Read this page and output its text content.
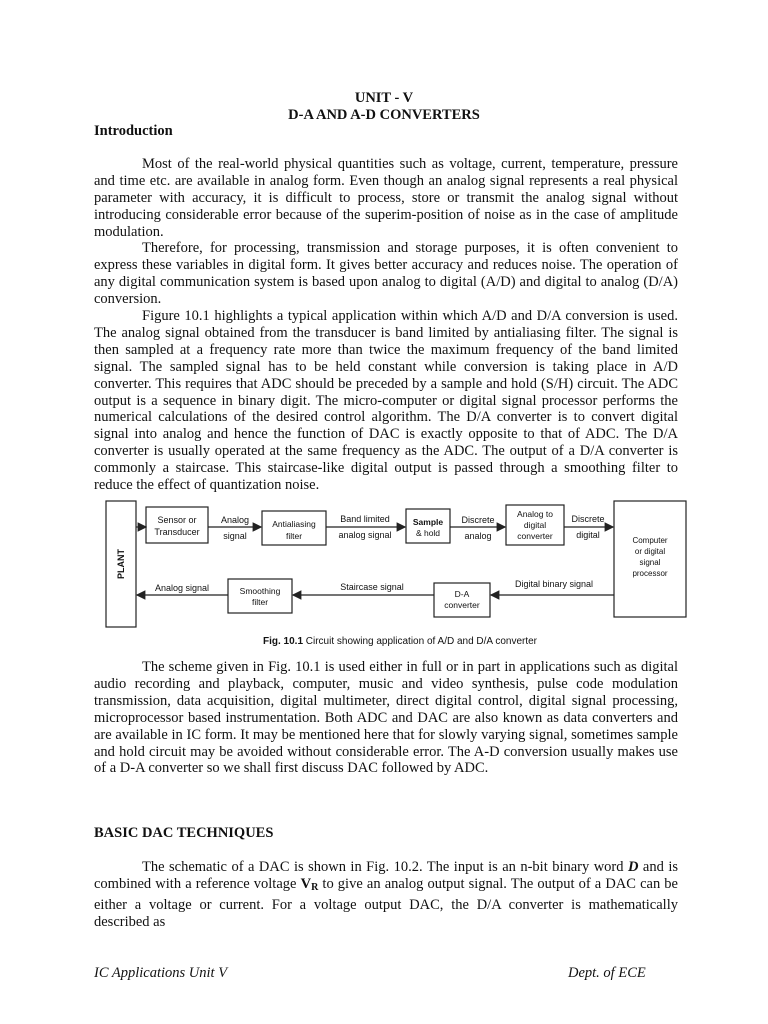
UNIT - V
D-A AND A-D CONVERTERS
Introduction

Most of the real-world physical quantities such as voltage, current, temperature, pressure and time etc. are available in analog form. Even though an analog signal represents a real physical parameter with accuracy, it is difficult to process, store or transmit the analog signal without introducing considerable error because of the superim-position of noise as in the case of amplitude modulation.

Therefore, for processing, transmission and storage purposes, it is often convenient to express these variables in digital form. It gives better accuracy and reduces noise. The operation of any digital communication system is based upon analog to digital (A/D) and digital to analog (D/A) conversion.

Figure 10.1 highlights a typical application within which A/D and D/A conversion is used. The analog signal obtained from the transducer is band limited by antialiasing filter. The signal is then sampled at a frequency rate more than twice the maximum frequency of the band limited signal. The sampled signal has to be held constant while conversion is taking place in A/D converter. This requires that ADC should be preceded by a sample and hold (S/H) circuit. The ADC output is a sequence in binary digit. The micro-computer or digital signal processor performs the numerical calculations of the desired control algorithm. The D/A converter is to convert digital signal into analog and hence the function of DAC is exactly opposite to that of ADC. The D/A converter is usually operated at the same frequency as the ADC. The output of a D/A converter is commonly a staircase. This staircase-like digital output is passed through a smoothing filter to reduce the effect of quantization noise.

PLANT
Sensor or
Transducer
Analog
signal
Antialiasing
filter
Band limited
analog signal
Sample
& hold
Discrete
analog
Analog to
digital
converter
Discrete
digital
Computer
or digital
signal
processor
Analog signal	Smoothing
filter
Staircase signal
D-A
converter
Digital binary signal
Fig. 10.1 Circuit showing application of A/D and D/A converter

The scheme given in Fig. 10.1 is used either in full or in part in applications such as digital audio recording and playback, computer, music and video synthesis, pulse code modulation transmission, data acquisition, digital multimeter, direct digital control, digital signal processing, microprocessor based instrumentation. Both ADC and DAC are also known as data converters and are available in IC form. It may be mentioned here that for slowly varying signal, sometimes sample and hold circuit may be avoided without considerable error. The A-D conversion usually makes use of a D-A converter so we shall first discuss DAC followed by ADC.

BASIC DAC TECHNIQUES

The schematic of a DAC is shown in Fig. 10.2. The input is an n-bit binary word D and is combined with a reference voltage $V_R$ to give an analog output signal. The output of a DAC can be either a voltage or current. For a voltage output DAC, the D/A converter is mathematically described as

IC Applications Unit V	Dept. of ECE
